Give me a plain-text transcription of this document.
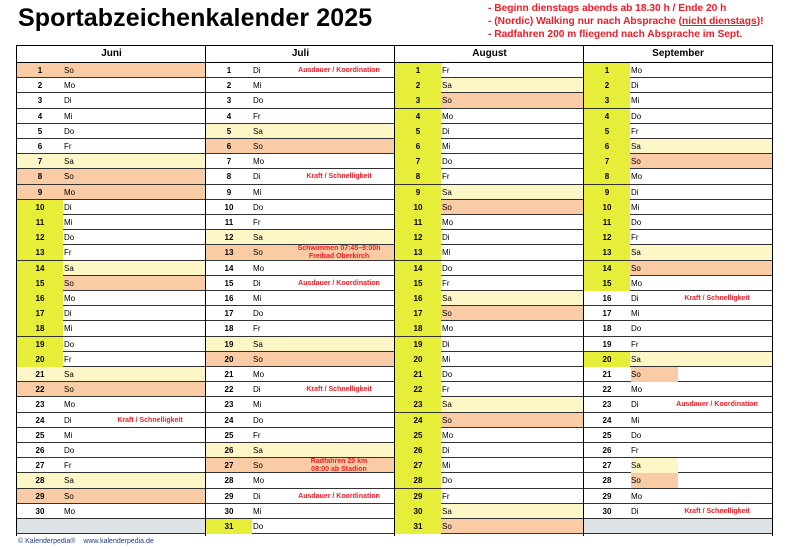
Sportabzeichenkalender 2025	- Beginn dienstags abends ab 18.30 h / Ende 20 h
- (Nordic) Walking nur nach Absprache (nicht dienstags)!
- Radfahren 200 m fliegend nach Absprache im Sept.
Juni
1	So
2	Mo
3	Di
4	Mi
5	Do
6	Fr
7	Sa
8	So
9	Mo
10	Di
11	Mi
12	Do
13	Fr
14	Sa
15	So
16	Mo
17	Di
18	Mi
19	Do
20	Fr
21	Sa
22	So
23	Mo
24	Di	Kraft / Schnelligkeit
25	Mi
26	Do
27	Fr
28	Sa
29	So
30	Mo
Juli
1	Di	Ausdauer / Koordination
2	Mi
3	Do
4	Fr
5	Sa
6	So
7	Mo
8	Di	Kraft / Schnelligkeit
9	Mi
10	Do
11	Fr
12	Sa
13	So	Schwimmen 07:45–9:00h
Freibad Oberkirch
14	Mo
15	Di	Ausdauer / Koordination
16	Mi
17	Do
18	Fr
19	Sa
20	So
21	Mo
22	Di	Kraft / Schnelligkeit
23	Mi
24	Do
25	Fr
26	Sa
27	So	Radfahren 20 km
08:00 ab Stadion
28	Mo
29	Di	Ausdauer / Koordination
30	Mi
31	Do
August
1	Fr
2	Sa
3	So
4	Mo
5	Di
6	Mi
7	Do
8	Fr
9	Sa
10	So
11	Mo
12	Di
13	Mi
14	Do
15	Fr
16	Sa
17	So
18	Mo
19	Di
20	Mi
21	Do
22	Fr
23	Sa
24	So
25	Mo
26	Di
27	Mi
28	Do
29	Fr
30	Sa
31	So
September
1	Mo
2	Di
3	Mi
4	Do
5	Fr
6	Sa
7	So
8	Mo
9	Di
10	Mi
11	Do
12	Fr
13	Sa
14	So
15	Mo
16	Di	Kraft / Schnelligkeit
17	Mi
18	Do
19	Fr
20	Sa
21	So
22	Mo
23	Di	Ausdauer / Koordination
24	Mi
25	Do
26	Fr
27	Sa
28	So
29	Mo
30	Di	Kraft / Schnelligkeit
© Kalenderpedia® www.kalenderpedia.de
